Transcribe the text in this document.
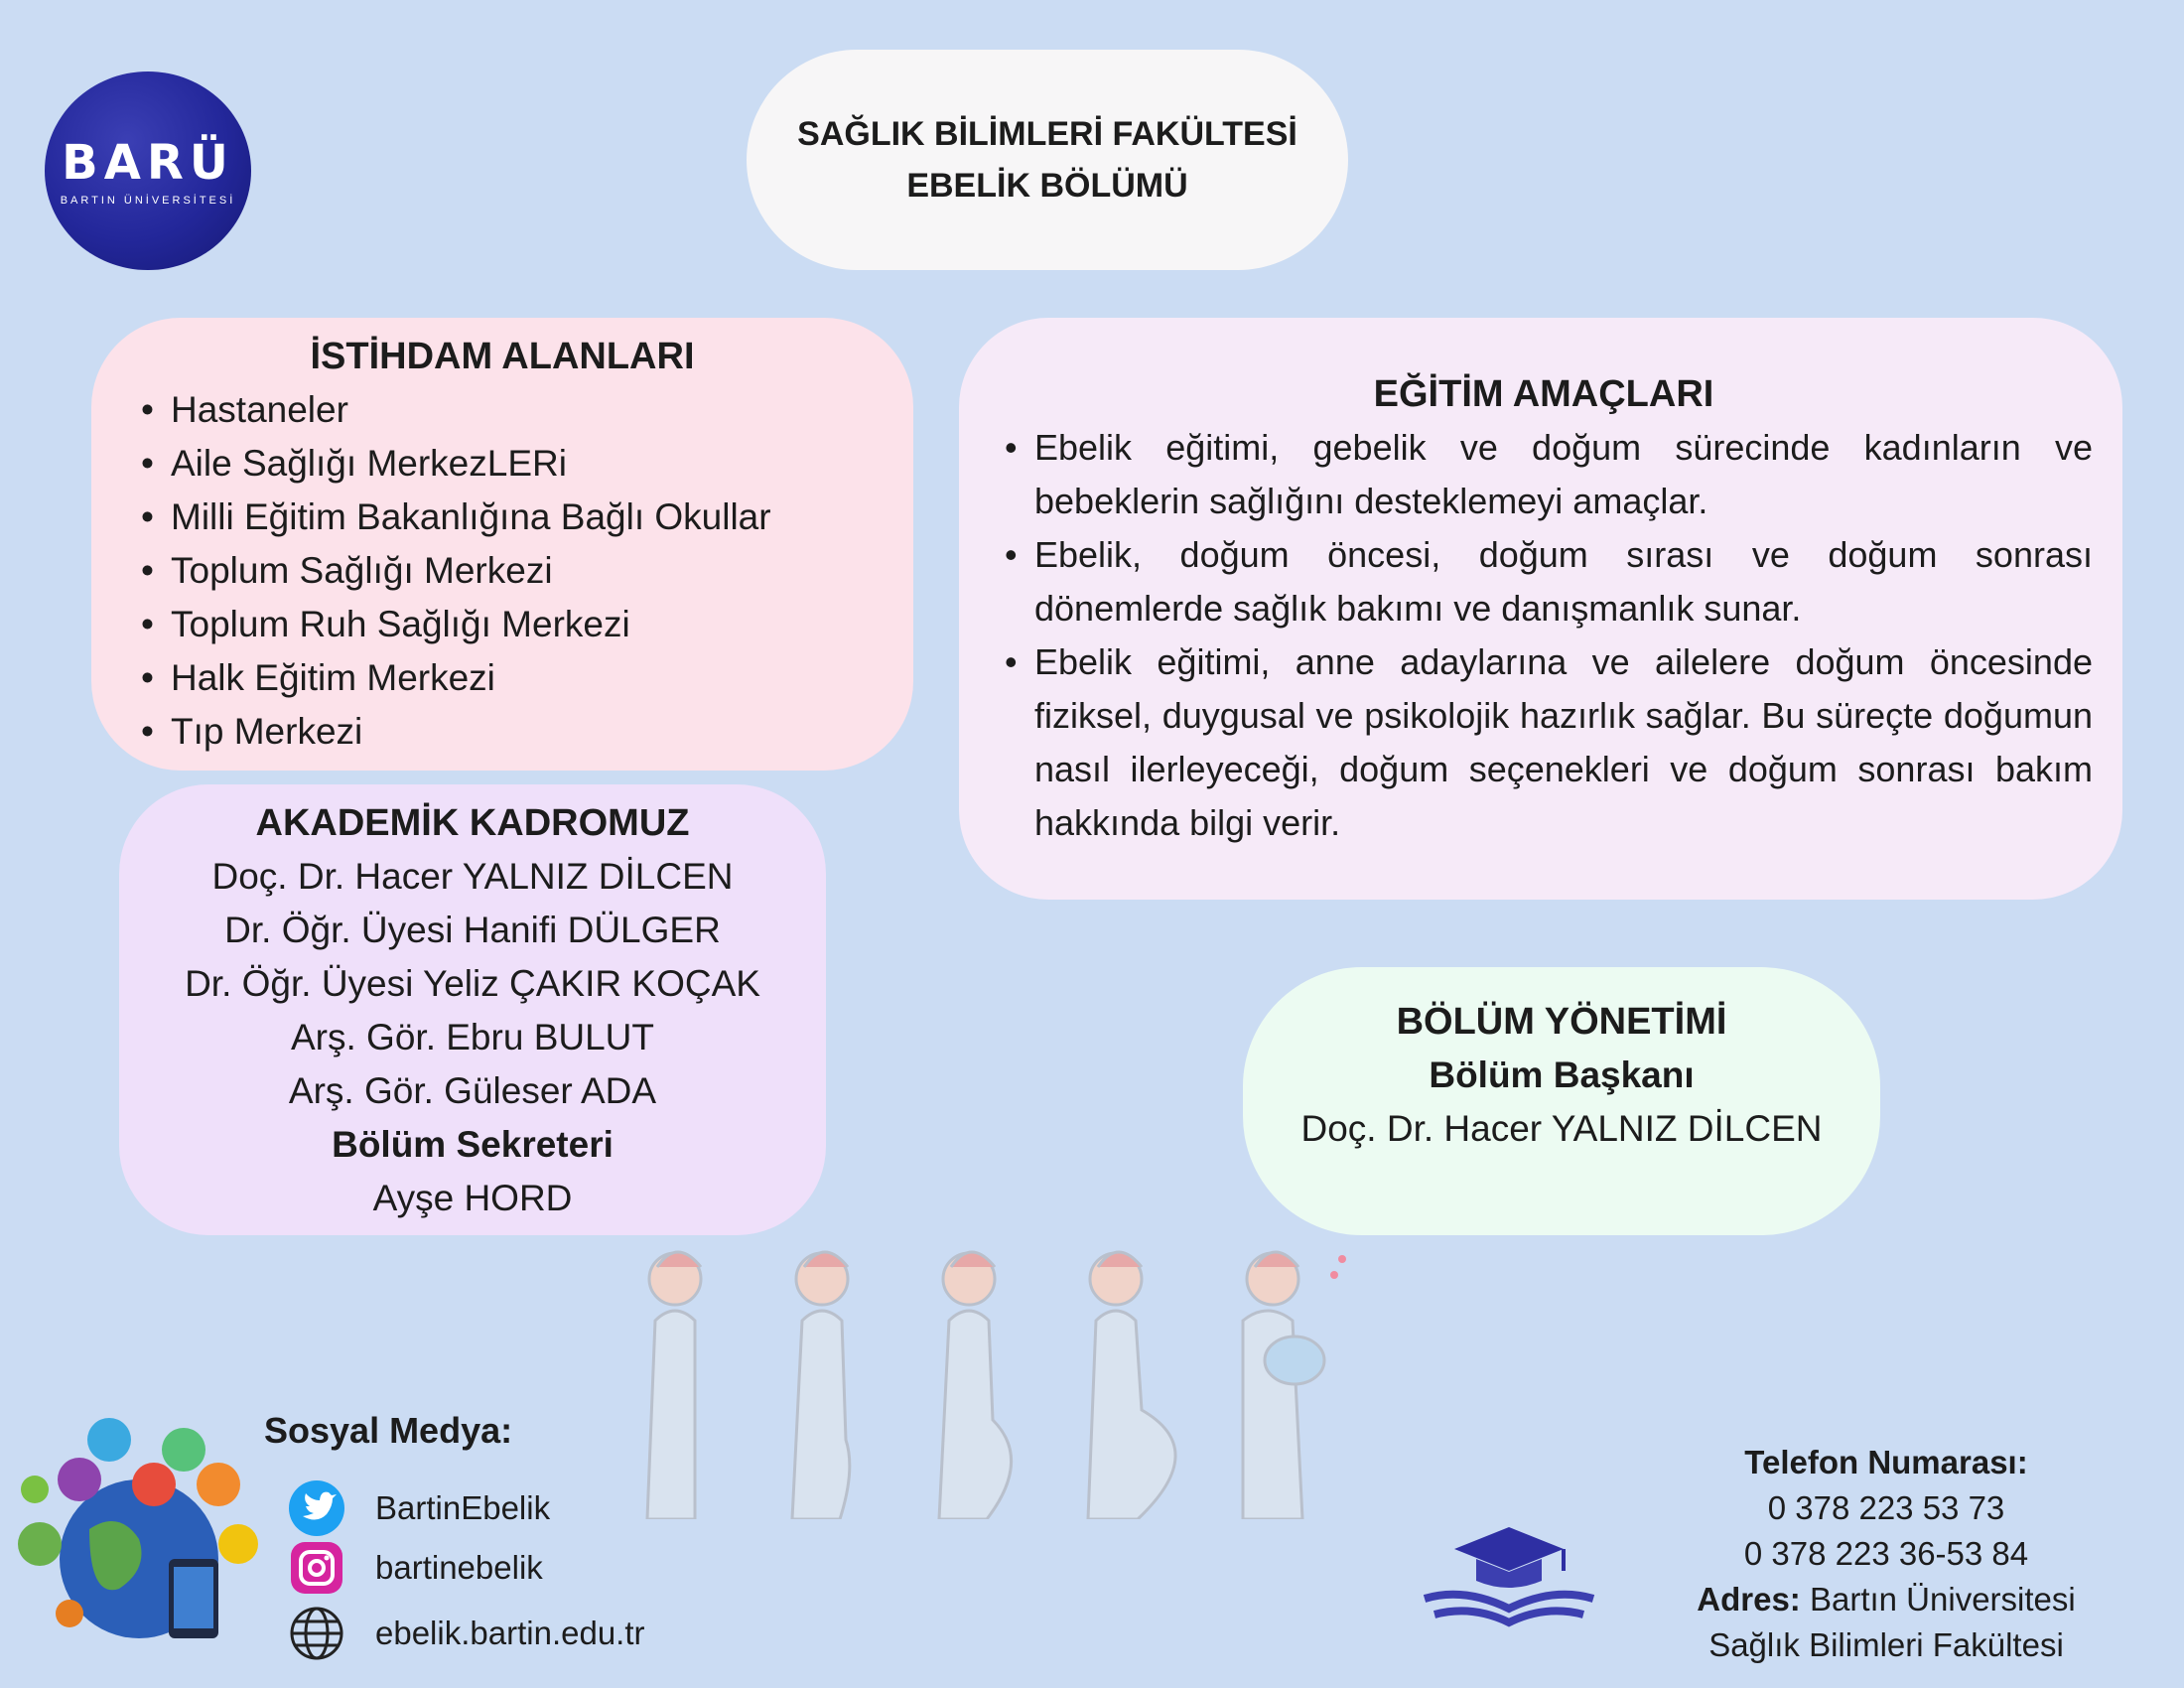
BARÜ
BARTIN ÜNİVERSİTESİ
SAĞLIK BİLİMLERİ FAKÜLTESİ
EBELİK BÖLÜMÜ
İSTİHDAM ALANLARI
• Hastaneler
• Aile Sağlığı MerkezLERi
• Milli Eğitim Bakanlığına Bağlı Okullar
• Toplum Sağlığı Merkezi
• Toplum Ruh Sağlığı Merkezi
• Halk Eğitim Merkezi
• Tıp Merkezi
EĞİTİM AMAÇLARI
• Ebelik eğitimi, gebelik ve doğum sürecinde kadınların ve bebeklerin sağlığını desteklemeyi amaçlar.
• Ebelik, doğum öncesi, doğum sırası ve doğum sonrası dönemlerde sağlık bakımı ve danışmanlık sunar.
• Ebelik eğitimi, anne adaylarına ve ailelere doğum öncesinde fiziksel, duygusal ve psikolojik hazırlık sağlar. Bu süreçte doğumun nasıl ilerleyeceği, doğum seçenekleri ve doğum sonrası bakım hakkında bilgi verir.
AKADEMİK KADROMUZ
Doç. Dr. Hacer YALNIZ DİLCEN
Dr. Öğr. Üyesi Hanifi DÜLGER
Dr. Öğr. Üyesi Yeliz ÇAKIR KOÇAK
Arş. Gör. Ebru BULUT
Arş. Gör. Güleser ADA
Bölüm Sekreteri
Ayşe HORD
BÖLÜM YÖNETİMİ
Bölüm Başkanı
Doç. Dr. Hacer YALNIZ DİLCEN
Sosyal Medya:
BartinEbelik
bartinebelik
ebelik.bartin.edu.tr
Telefon Numarası:
0 378 223 53 73
0 378 223 36-53 84
Adres: Bartın Üniversitesi
Sağlık Bilimleri Fakültesi
